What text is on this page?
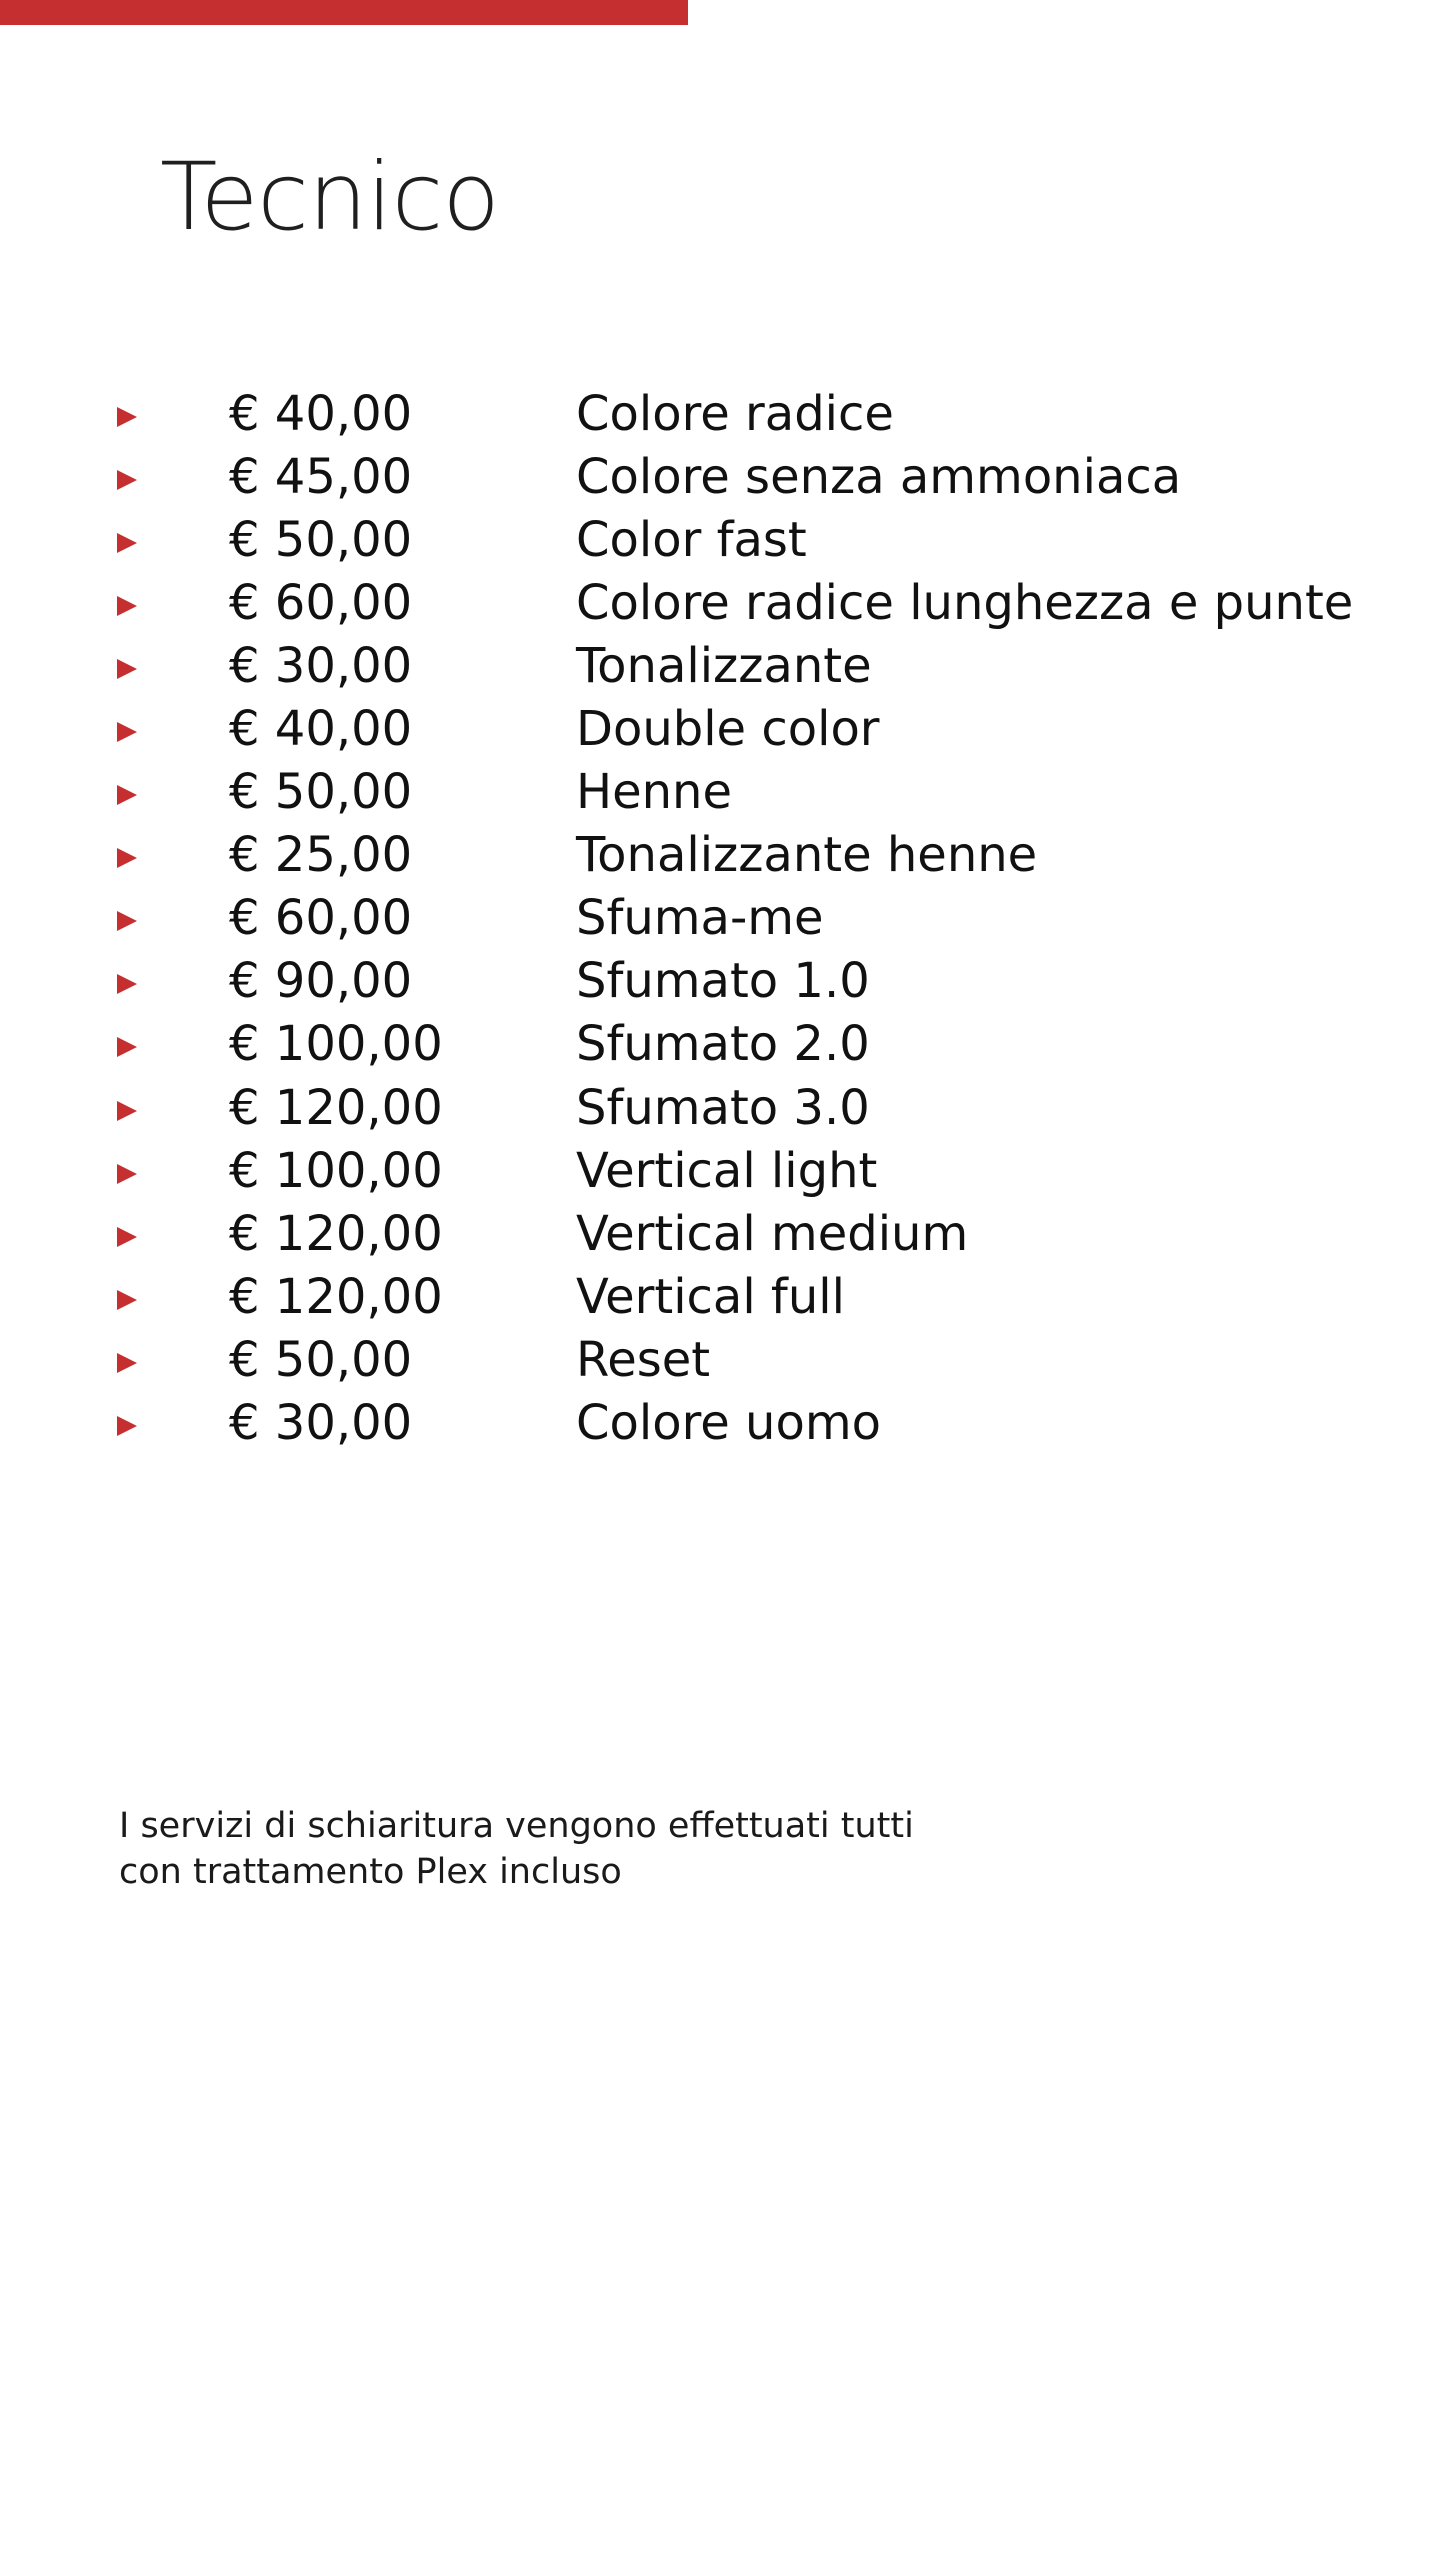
Tecnico
€ 40,00	Colore radice
€ 45,00	Colore senza ammoniaca
€ 50,00	Color fast
€ 60,00	Colore radice lunghezza e punte
€ 30,00	Tonalizzante
€ 40,00	Double color
€ 50,00	Henne
€ 25,00	Tonalizzante henne
€ 60,00	Sfuma-me
€ 90,00	Sfumato 1.0
€ 100,00	Sfumato 2.0
€ 120,00	Sfumato 3.0
€ 100,00	Vertical light
€ 120,00	Vertical medium
€ 120,00	Vertical full
€ 50,00	Reset
€ 30,00	Colore uomo

I servizi di schiaritura vengono effettuati tutti
con trattamento Plex incluso
